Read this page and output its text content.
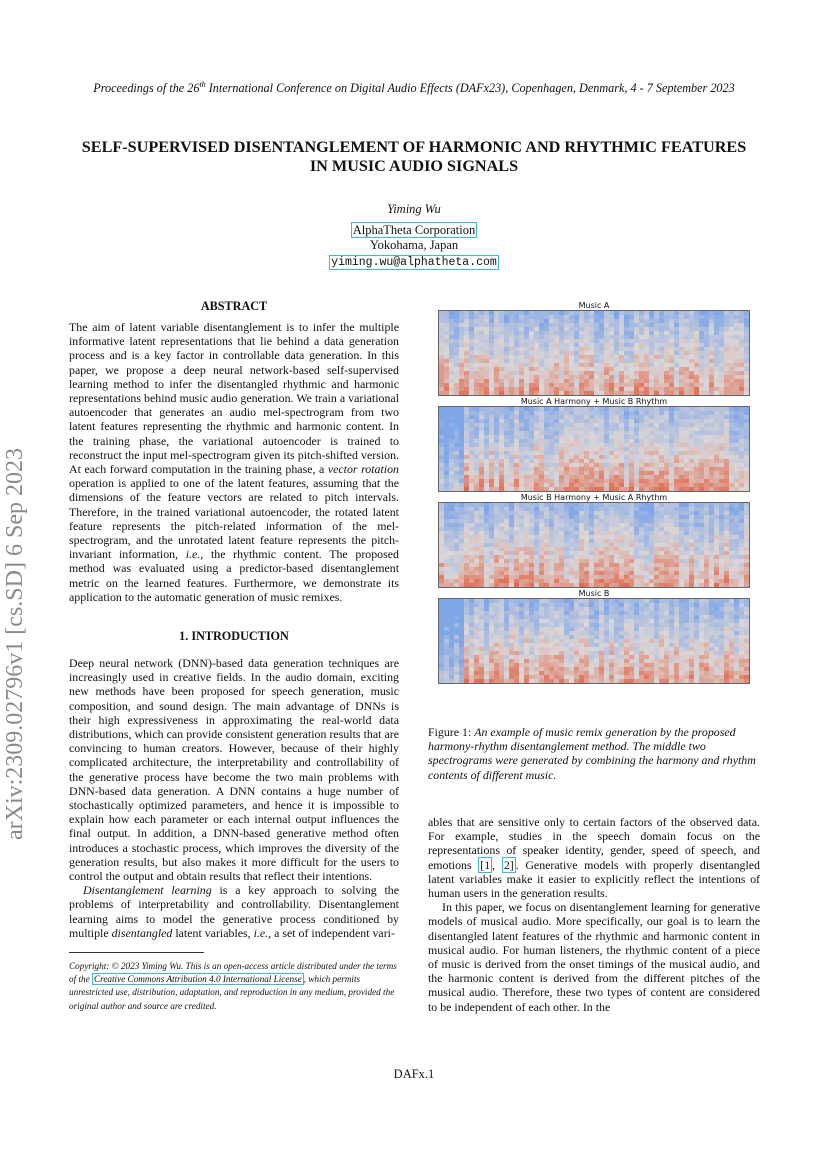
Proceedings of the 26th International Conference on Digital Audio Effects (DAFx23), Copenhagen, Denmark, 4 - 7 September 2023
SELF-SUPERVISED DISENTANGLEMENT OF HARMONIC AND RHYTHMIC FEATURES
IN MUSIC AUDIO SIGNALS
Yiming Wu
AlphaTheta Corporation
Yokohama, Japan
yiming.wu@alphatheta.com
arXiv:2309.02796v1 [cs.SD] 6 Sep 2023
ABSTRACT
The aim of latent variable disentanglement is to infer the multiple informative latent representations that lie behind a data generation process and is a key factor in controllable data generation. In this paper, we propose a deep neural network-based self-supervised learning method to infer the disentangled rhythmic and harmonic representations behind music audio generation. We train a variational autoencoder that generates an audio mel-spectrogram from two latent features representing the rhythmic and harmonic content. In the training phase, the variational autoencoder is trained to reconstruct the input mel-spectrogram given its pitch-shifted version. At each forward computation in the training phase, a vector rotation operation is applied to one of the latent features, assuming that the dimensions of the feature vectors are related to pitch intervals. Therefore, in the trained variational autoencoder, the rotated latent feature represents the pitch-related information of the mel-spectrogram, and the unrotated latent feature represents the pitch-invariant information, i.e., the rhythmic content. The proposed method was evaluated using a predictor-based disentanglement metric on the learned features. Furthermore, we demonstrate its application to the automatic generation of music remixes.
1. INTRODUCTION
Deep neural network (DNN)-based data generation techniques are increasingly used in creative fields. In the audio domain, exciting new methods have been proposed for speech generation, music composition, and sound design. The main advantage of DNNs is their high expressiveness in approximating the real-world data distributions, which can provide consistent generation results that are convincing to human creators. However, because of their highly complicated architecture, the interpretability and controllability of the generative process have become the two main problems with DNN-based data generation. A DNN contains a huge number of stochastically optimized parameters, and hence it is impossible to explain how each parameter or each internal output influences the final output. In addition, a DNN-based generative method often introduces a stochastic process, which improves the diversity of the generation results, but also makes it more difficult for the users to control the output and obtain results that reflect their intentions.
Disentanglement learning is a key approach to solving the problems of interpretability and controllability. Disentanglement learning aims to model the generative process conditioned by multiple disentangled latent variables, i.e., a set of independent vari-
Copyright: © 2023 Yiming Wu. This is an open-access article distributed under the terms of the Creative Commons Attribution 4.0 International License , which permits unrestricted use, distribution, adaptation, and reproduction in any medium, provided the original author and source are credited.
Music A
Music A Harmony + Music B Rhythm
Music B Harmony + Music A Rhythm
Music B
Figure 1: An example of music remix generation by the proposed harmony-rhythm disentanglement method. The middle two spectrograms were generated by combining the harmony and rhythm contents of different music.
ables that are sensitive only to certain factors of the observed data. For example, studies in the speech domain focus on the representations of speaker identity, gender, speed of speech, and emotions [1 , 2] . Generative models with properly disentangled latent variables make it easier to explicitly reflect the intentions of human users in the generation results.
In this paper, we focus on disentanglement learning for generative models of musical audio. More specifically, our goal is to learn the disentangled latent features of the rhythmic and harmonic content in musical audio. For human listeners, the rhythmic content of a piece of music is derived from the onset timings of the musical audio, and the harmonic content is derived from the different pitches of the musical audio. Therefore, these two types of content are considered to be independent of each other. In the
DAFx.1
